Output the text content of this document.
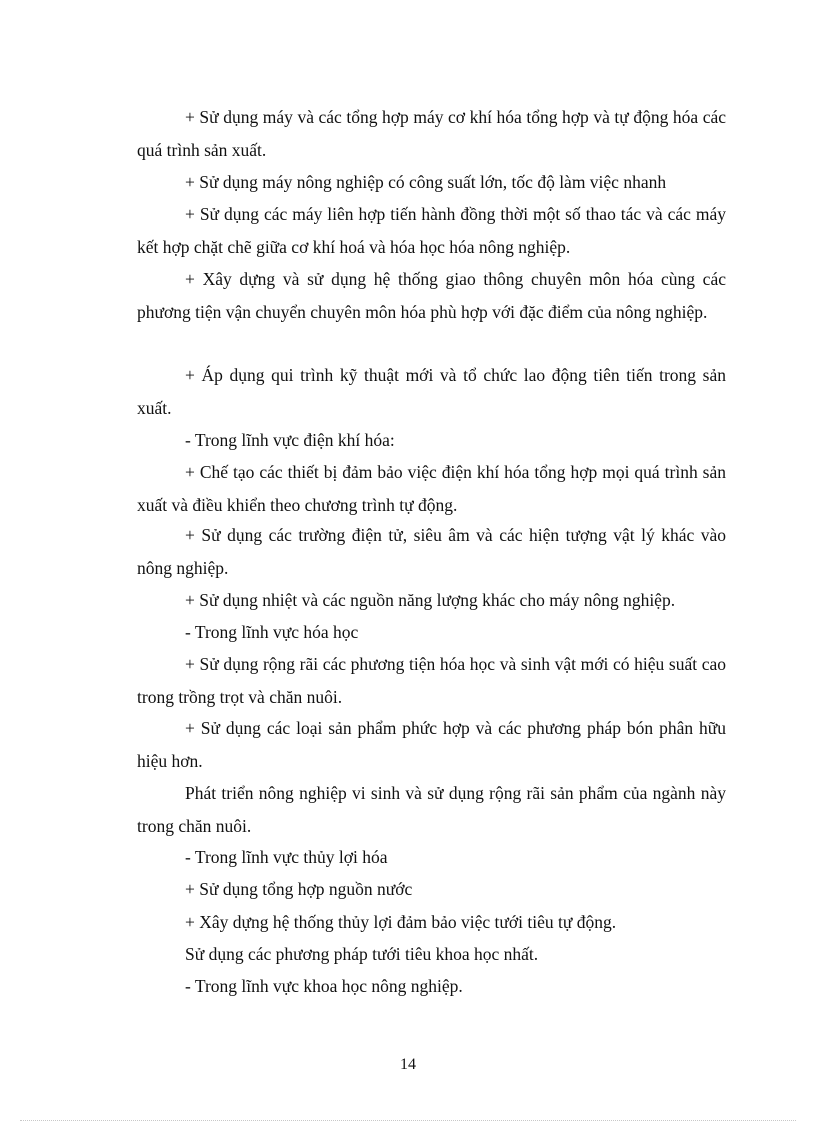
+ Sử dụng máy và các tổng hợp máy cơ khí hóa tổng hợp và tự động hóa các quá trình sản xuất.

+ Sử dụng máy nông nghiệp có công suất lớn, tốc độ làm việc nhanh

+ Sử dụng các máy liên hợp tiến hành đồng thời một số thao tác và các máy kết hợp chặt chẽ giữa cơ khí hoá và hóa học hóa nông nghiệp.

+ Xây dựng và sử dụng hệ thống giao thông chuyên môn hóa cùng các phương tiện vận chuyển chuyên môn hóa phù hợp với đặc điểm của nông nghiệp.

+ Áp dụng qui trình kỹ thuật mới và tổ chức lao động tiên tiến trong sản xuất.

- Trong lĩnh vực điện khí hóa:

+ Chế tạo các thiết bị đảm bảo việc điện khí hóa tổng hợp mọi quá trình sản xuất và điều khiển theo chương trình tự động.

+ Sử dụng các trường điện tử, siêu âm và các hiện tượng vật lý khác vào nông nghiệp.

+ Sử dụng nhiệt và các nguồn năng lượng khác cho máy nông nghiệp.

- Trong lĩnh vực hóa học

+ Sử dụng rộng rãi các phương tiện hóa học và sinh vật mới có hiệu suất cao trong trồng trọt và chăn nuôi.

+ Sử dụng các loại sản phẩm phức hợp và các phương pháp bón phân hữu hiệu hơn.

Phát triển nông nghiệp vi sinh và sử dụng rộng rãi sản phẩm của ngành này trong chăn nuôi.

- Trong lĩnh vực thủy lợi hóa

+ Sử dụng tổng hợp nguồn nước

+ Xây dựng hệ thống thủy lợi đảm bảo việc tưới tiêu tự động.

Sử dụng các phương pháp tưới tiêu khoa học nhất.

- Trong lĩnh vực khoa học nông nghiệp.

14
